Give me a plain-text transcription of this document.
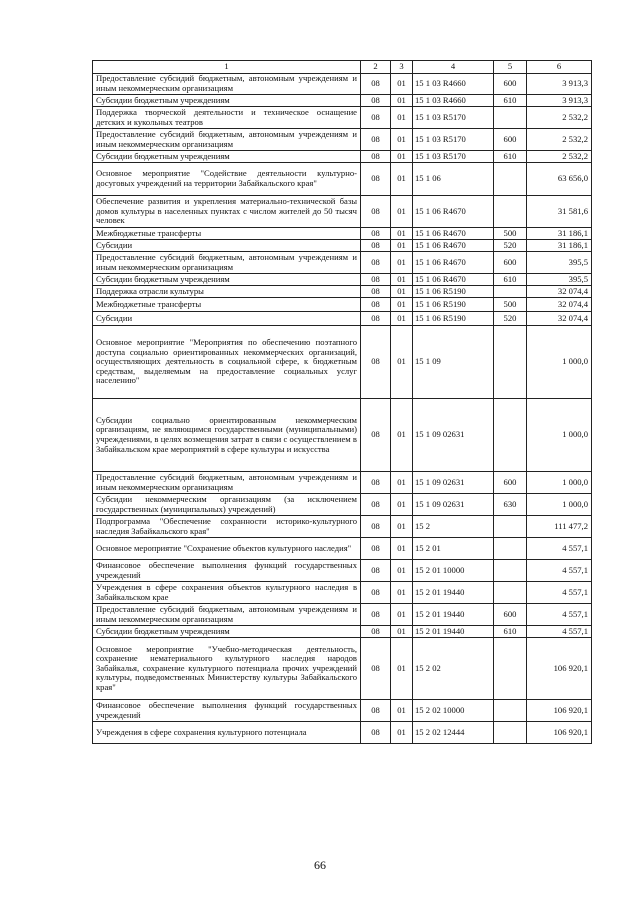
1	2	3	4	5	6
Предоставление субсидий бюджетным, автономным учреждениям и иным некоммерческим организациям	08	01	15 1 03 R4660	600	3 913,3
Субсидии бюджетным учреждениям	08	01	15 1 03 R4660	610	3 913,3
Поддержка творческой деятельности и техническое оснащение детских и кукольных театров	08	01	15 1 03 R5170		2 532,2
Предоставление субсидий бюджетным, автономным учреждениям и иным некоммерческим организациям	08	01	15 1 03 R5170	600	2 532,2
Субсидии бюджетным учреждениям	08	01	15 1 03 R5170	610	2 532,2
Основное мероприятие "Содействие деятельности культурно-досуговых учреждений на территории Забайкальского края"	08	01	15 1 06		63 656,0
Обеспечение развития и укрепления материально-технической базы домов культуры в населенных пунктах с числом жителей до 50 тысяч человек	08	01	15 1 06 R4670		31 581,6
Межбюджетные трансферты	08	01	15 1 06 R4670	500	31 186,1
Субсидии	08	01	15 1 06 R4670	520	31 186,1
Предоставление субсидий бюджетным, автономным учреждениям и иным некоммерческим организациям	08	01	15 1 06 R4670	600	395,5
Субсидии бюджетным учреждениям	08	01	15 1 06 R4670	610	395,5
Поддержка отрасли культуры	08	01	15 1 06 R5190		32 074,4
Межбюджетные трансферты	08	01	15 1 06 R5190	500	32 074,4
Субсидии	08	01	15 1 06 R5190	520	32 074,4
Основное мероприятие "Мероприятия по обеспечению поэтапного доступа социально ориентированных некоммерческих организаций, осуществляющих деятельность в социальной сфере, к бюджетным средствам, выделяемым на предоставление социальных услуг населению"	08	01	15 1 09		1 000,0
Субсидии социально ориентированным некоммерческим организациям, не являющимся государственными (муниципальными) учреждениями, в целях возмещения затрат в связи с осуществлением в Забайкальском крае мероприятий в сфере культуры и искусства	08	01	15 1 09 02631		1 000,0
Предоставление субсидий бюджетным, автономным учреждениям и иным некоммерческим организациям	08	01	15 1 09 02631	600	1 000,0
Субсидии некоммерческим организациям (за исключением государственных (муниципальных) учреждений)	08	01	15 1 09 02631	630	1 000,0
Подпрограмма "Обеспечение сохранности историко-культурного наследия Забайкальского края"	08	01	15 2		111 477,2
Основное мероприятие "Сохранение объектов культурного наследия"	08	01	15 2 01		4 557,1
Финансовое обеспечение выполнения функций государственных учреждений	08	01	15 2 01 10000		4 557,1
Учреждения в сфере сохранения объектов культурного наследия в Забайкальском крае	08	01	15 2 01 19440		4 557,1
Предоставление субсидий бюджетным, автономным учреждениям и иным некоммерческим организациям	08	01	15 2 01 19440	600	4 557,1
Субсидии бюджетным учреждениям	08	01	15 2 01 19440	610	4 557,1
Основное мероприятие "Учебно-методическая деятельность, сохранение нематериального культурного наследия народов Забайкалья, сохранение культурного потенциала прочих учреждений культуры, подведомственных Министерству культуры Забайкальского края"	08	01	15 2 02		106 920,1
Финансовое обеспечение выполнения функций государственных учреждений	08	01	15 2 02 10000		106 920,1
Учреждения в сфере сохранения культурного потенциала	08	01	15 2 02 12444		106 920,1
66
